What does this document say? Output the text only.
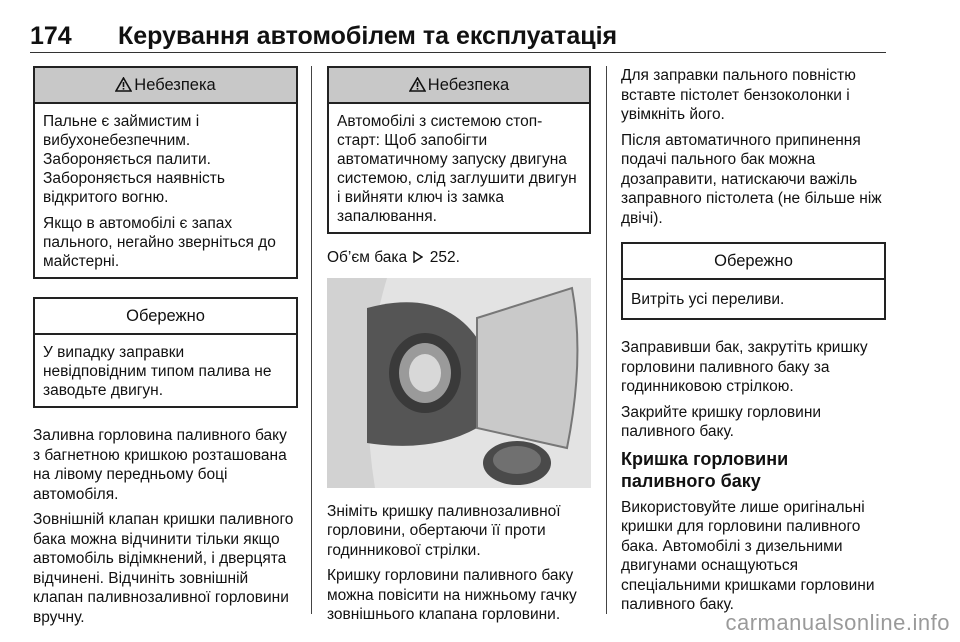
174 Керування автомобілем та експлуатація
Небезпека

Пальне є займистим і вибухонебезпечним. Забороняється палити. Забороняється наявність відкритого вогню.

Якщо в автомобілі є запах пального, негайно зверніться до майстерні.

Обережно

У випадку заправки невідповідним типом палива не заводьте двигун.

Заливна горловина паливного баку з багнетною кришкою розташована на лівому передньому боці автомобіля.

Зовнішній клапан кришки паливного бака можна відчинити тільки якщо автомобіль відімкнений, і дверцята відчинені. Відчиніть зовнішній клапан паливнозаливної горловини вручну.

Небезпека

Автомобілі з системою стоп-старт: Щоб запобігти автоматичному запуску двигуна системою, слід заглушити двигун і вийняти ключ із замка запалювання.

Об’єм бака 252.

Зніміть кришку паливнозаливної горловини, обертаючи її проти годинникової стрілки.

Кришку горловини паливного баку можна повісити на нижньому гачку зовнішнього клапана горловини.

Для заправки пального повністю вставте пістолет бензоколонки і увімкніть його.

Після автоматичного припинення подачі пального бак можна дозаправити, натискаючи важіль заправного пістолета (не більше ніж двічі).

Обережно

Витріть усі переливи.

Заправивши бак, закрутіть кришку горловини паливного баку за годинниковою стрілкою.

Закрийте кришку горловини паливного баку.

Кришка горловини паливного баку

Використовуйте лише оригінальні кришки для горловини паливного бака. Автомобілі з дизельними двигунами оснащуються спеціальними кришками горловини паливного баку.

carmanualsonline.info
